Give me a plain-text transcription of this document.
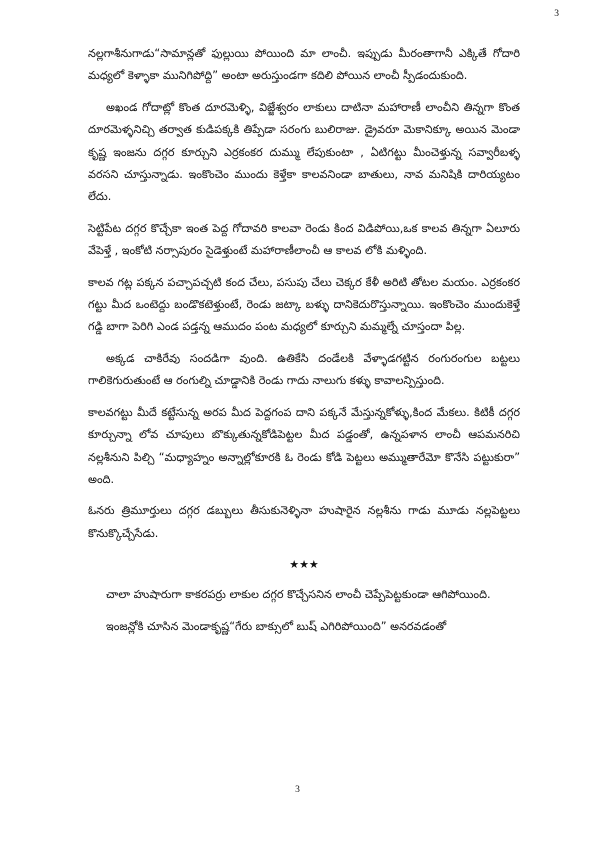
3

నల్లగాశీనుగాడు“సామాన్లతో ఫుల్లుయి పోయింది మా లాంచీ. ఇప్పుడు మీరంతాగానీ ఎక్కితే గోదారి మధ్యలో కెళ్ళాకా మునిగిపోద్ది” అంటా అరుస్తుండగా కదిలి పోయిన లాంచీ స్పీడందుకుంది.

అఖండ గోదాట్లో కొంత దూరమెళ్ళి, విజ్జేశ్వరం లాకులు దాటినా మహారాణీ లాంచీని తిన్నగా కొంత దూరమెళ్ళనిచ్చి తర్వాత కుడిపక్కకి తిప్పేడా సరంగు బులిరాజు. డ్రైవరూ మెకానిక్కూ అయిన మెండా కృష్ణ ఇంజను దగ్గర కూర్చుని ఎర్రకంకర దుమ్ము లేపుకుంటా , ఏటిగట్టు మీంచెళ్తున్న సవ్వారీబళ్ళ వరసని చూస్తున్నాడు. ఇంకొంచెం ముందు కెళ్తేకా కాలవనిండా బాతులు, నావ మనిషికి దారియ్యటం లేదు.

సెట్టిపేట దగ్గర కొచ్చేకా ఇంత పెద్ద గోదావరి కాలవా రెండు కింద విడిపోయి,ఒక కాలవ తిన్నగా ఏలూరు వేపెళ్తే , ఇంకోటి నర్సాపురం సైడెళ్తుంటే మహారాణీలాంచీ ఆ కాలవ లోకి మళ్ళింది.

కాలవ గట్ల పక్కన పచ్చాపచ్చటి కంద చేలు, పసుపు చేలు చెక్కర కేళీ అరిటి తోటల మయం. ఎర్రకంకర గట్టు మీద ఒంటెద్దు బండొకటెళ్తుంటే, రెండు జట్కా బళ్ళు దానికెదురొస్తున్నాయి. ఇంకొంచెం ముందుకెళ్తే గడ్డి బాగా పెరిగి ఎండ పడ్తన్న ఆముదం పంట మధ్యలో కూర్చుని మమ్మల్నే చూస్తందా పిల్ల.

అక్కడ చాకిరేవు సందడిగా వుంది. ఉతికేసి దండేలకి వేళ్ళాడగట్టిన రంగురంగుల బట్టలు గాలికెగురుతుంటే ఆ రంగుల్ని చూడ్డానికి రెండు గాదు నాలుగు కళ్ళు కావాలన్పిస్తుంది.

కాలవగట్టు మీదే కట్టేసున్న అరప మీద పెద్దగంప దాని పక్కనే మేస్తున్నకోళ్ళు,కింద మేకలు. కిటికీ దగ్గర కూర్చున్నా లోవ చూపులు బొక్కుతున్నకోడిపెట్టల మీద పడ్డంతో, ఉన్నపళాన లాంచీ ఆపమనరిచి నల్లశీనుని పిల్చి “మధ్యాహ్నం అన్నాల్లోకూరకి ఓ రెండు కోడి పెట్టలు అమ్ముతారేమో కొనేసి పట్టుకురా” అంది.

ఓనరు త్రిమూర్తులు దగ్గర డబ్బులు తీసుకునెళ్ళినా హుషారైన నల్లశీను గాడు మూడు నల్లపెట్టలు కొనుక్కొచ్చేసేడు.

★★★

చాలా హుషారుగా కాకరపర్రు లాకుల దగ్గర కొచ్చేసనిన లాంచీ చెప్పేపెట్టకుండా ఆగిపోయింది.

ఇంజన్లోకి చూసిన మెండాకృష్ణ“గేరు బాక్సులో బుష్ ఎగిరిపోయింది” అనరవడంతో

3
